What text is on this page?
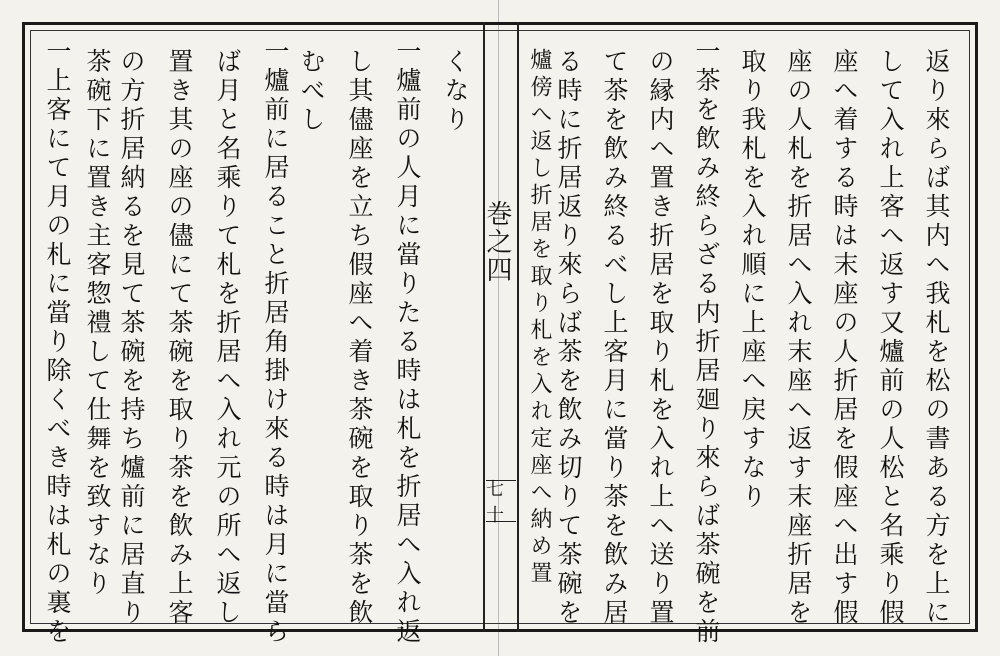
巻之四
七十	返り來らば其内へ我札を松の書ある方を上に
して入れ上客へ返す又爐前の人松と名乘り假
座へ着する時は末座の人折居を假座へ出す假
座の人札を折居へ入れ末座へ返す末座折居を
取り我札を入れ順に上座へ戻すなり
一茶を飲み終らざる内折居廻り來らば茶碗を前
の縁内へ置き折居を取り札を入れ上へ送り置
て茶を飲み終るべし上客月に當り茶を飲み居
る時に折居返り來らば茶を飲み切りて茶碗を
くなり
一爐前の人月に當りたる時は札を折居へ入れ返
し其儘座を立ち假座へ着き茶碗を取り茶を飲
むべし
一爐前に居ること折居角掛け來る時は月に當ら
ば月と名乘りて札を折居へ入れ元の所へ返し
置き其の座の儘にて茶碗を取り茶を飲み上客
の方折居納るを見て茶碗を持ち爐前に居直り
茶碗下に置き主客惣禮して仕舞を致すなり
一上客にて月の札に當り除くべき時は札の裏を	爐傍へ返し折居を取り札を入れ定座へ納め置
